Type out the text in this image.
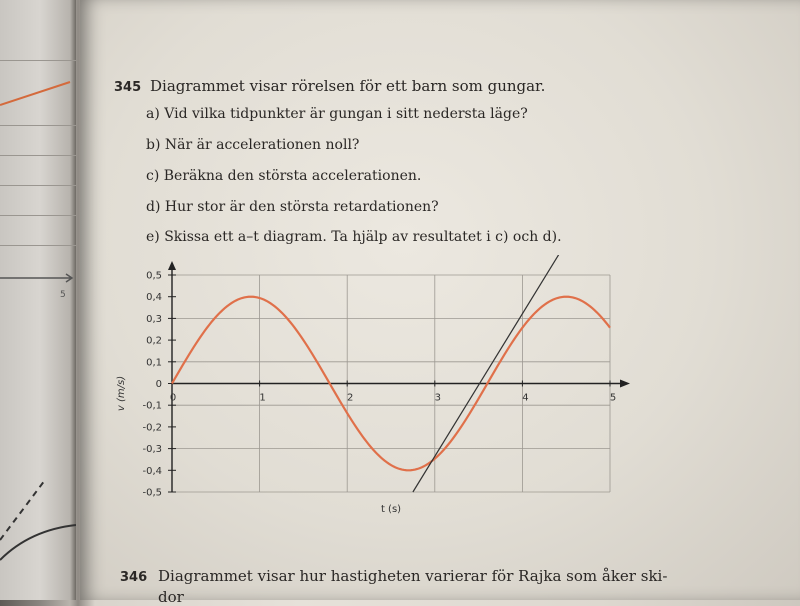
5
345 Diagrammet visar rörelsen för ett barn som gungar.
a) Vid vilka tidpunkter är gungan i sitt nedersta läge?
b) När är accelerationen noll?
c) Beräkna den största accelerationen.
d) Hur stor är den största retardationen?
e) Skissa ett a–t diagram. Ta hjälp av resultatet i c) och d).
346 Diagrammet visar hur hastigheten varierar för Rajka som åker ski-
dor
0,5
0,4
0,3
0,2
0,1
0
-0,1
-0,2
-0,3
-0,4
-0,5
0	1	2	3	4	5
v (m/s)
t (s)
